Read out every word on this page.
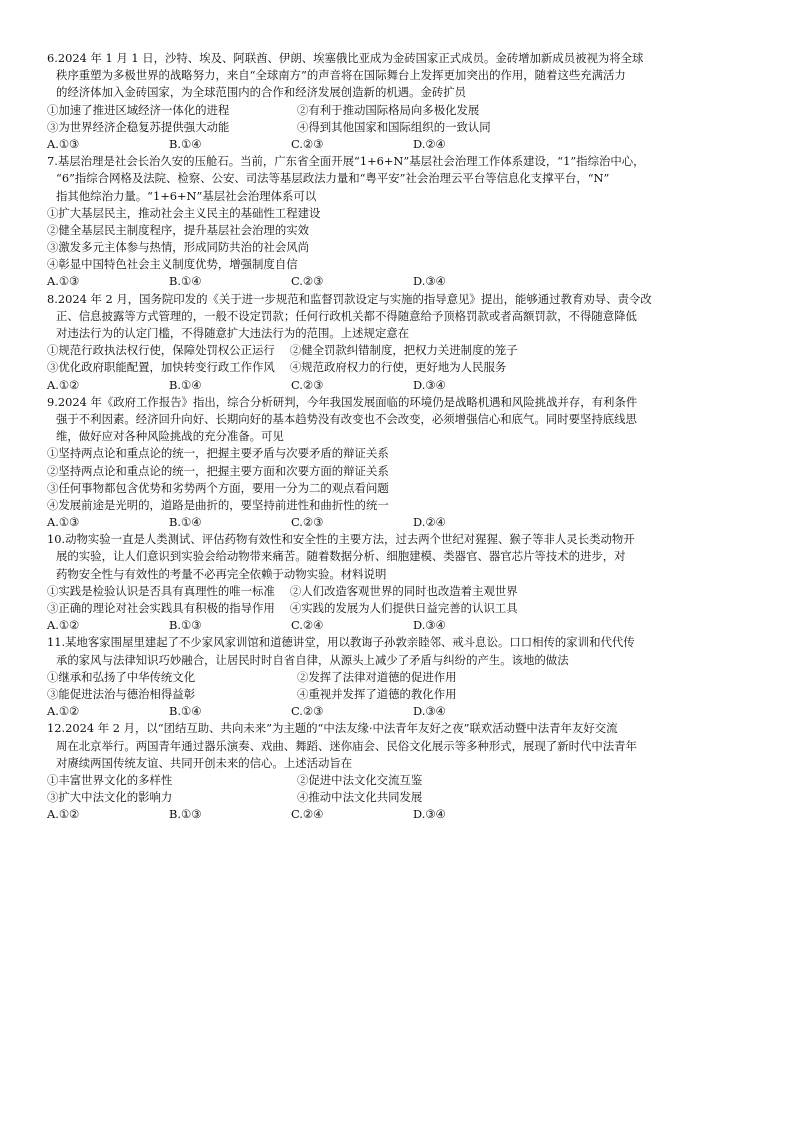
6.2024 年 1 月 1 日，沙特、埃及、阿联酋、伊朗、埃塞俄比亚成为金砖国家正式成员。金砖增加新成员被视为将全球
秩序重塑为多极世界的战略努力，来自“全球南方”的声音将在国际舞台上发挥更加突出的作用，随着这些充满活力
的经济体加入金砖国家，为全球范围内的合作和经济发展创造新的机遇。金砖扩员
①加速了推进区域经济一体化的进程	②有利于推动国际格局向多极化发展
③为世界经济企稳复苏提供强大动能	④得到其他国家和国际组织的一致认同
A.①③	B.①④	C.②③	D.②④
7.基层治理是社会长治久安的压舱石。当前，广东省全面开展“1+6+N”基层社会治理工作体系建设，“1”指综治中心，
“6”指综合网格及法院、检察、公安、司法等基层政法力量和“粤平安”社会治理云平台等信息化支撑平台，“N”
指其他综治力量。“1+6+N”基层社会治理体系可以
①扩大基层民主，推动社会主义民主的基础性工程建设
②健全基层民主制度程序，提升基层社会治理的实效
③激发多元主体参与热情，形成同防共治的社会风尚
④彰显中国特色社会主义制度优势，增强制度自信
A.①③	B.①④	C.②③	D.③④
8.2024 年 2 月，国务院印发的《关于进一步规范和监督罚款设定与实施的指导意见》提出，能够通过教育劝导、责令改
正、信息披露等方式管理的，一般不设定罚款；任何行政机关都不得随意给予顶格罚款或者高额罚款，不得随意降低
对违法行为的认定门槛，不得随意扩大违法行为的范围。上述规定意在
①规范行政执法权行使，保障处罚权公正运行　 ②健全罚款纠错制度，把权力关进制度的笼子
③优化政府职能配置，加快转变行政工作作风　 ④规范政府权力的行使，更好地为人民服务
A.①②	B.①④	C.②③	D.③④
9.2024 年《政府工作报告》指出，综合分析研判，今年我国发展面临的环境仍是战略机遇和风险挑战并存，有利条件
强于不利因素。经济回升向好、长期向好的基本趋势没有改变也不会改变，必须增强信心和底气。同时要坚持底线思
维，做好应对各种风险挑战的充分准备。可见
①坚持两点论和重点论的统一，把握主要矛盾与次要矛盾的辩证关系
②坚持两点论和重点论的统一，把握主要方面和次要方面的辩证关系
③任何事物都包含优势和劣势两个方面，要用一分为二的观点看问题
④发展前途是光明的，道路是曲折的，要坚持前进性和曲折性的统一
A.①③	B.①④	C.②③	D.②④
10.动物实验一直是人类测试、评估药物有效性和安全性的主要方法，过去两个世纪对猩猩、猴子等非人灵长类动物开
展的实验，让人们意识到实验会给动物带来痛苦。随着数据分析、细胞建模、类器官、器官芯片等技术的进步，对
药物安全性与有效性的考量不必再完全依赖于动物实验。材料说明
①实践是检验认识是否具有真理性的唯一标准　 ②人们改造客观世界的同时也改造着主观世界
③正确的理论对社会实践具有积极的指导作用　 ④实践的发展为人们提供日益完善的认识工具
A.①②	B.①③	C.②④	D.③④
11.某地客家围屋里建起了不少家风家训馆和道德讲堂，用以教诲子孙敦亲睦邻、戒斗息讼。口口相传的家训和代代传
承的家风与法律知识巧妙融合，让居民时时自省自律，从源头上减少了矛盾与纠纷的产生。该地的做法
①继承和弘扬了中华传统文化	②发挥了法律对道德的促进作用
③能促进法治与德治相得益彰	④重视并发挥了道德的教化作用
A.①②	B.①④	C.②③	D.③④
12.2024 年 2 月，以“团结互助、共向未来”为主题的“中法友缘·中法青年友好之夜”联欢活动暨中法青年友好交流
周在北京举行。两国青年通过器乐演奏、戏曲、舞蹈、迷你庙会、民俗文化展示等多种形式，展现了新时代中法青年
对赓续两国传统友谊、共同开创未来的信心。上述活动旨在
①丰富世界文化的多样性	②促进中法文化交流互鉴
③扩大中法文化的影响力	④推动中法文化共同发展
A.①②	B.①③	C.②④	D.③④
